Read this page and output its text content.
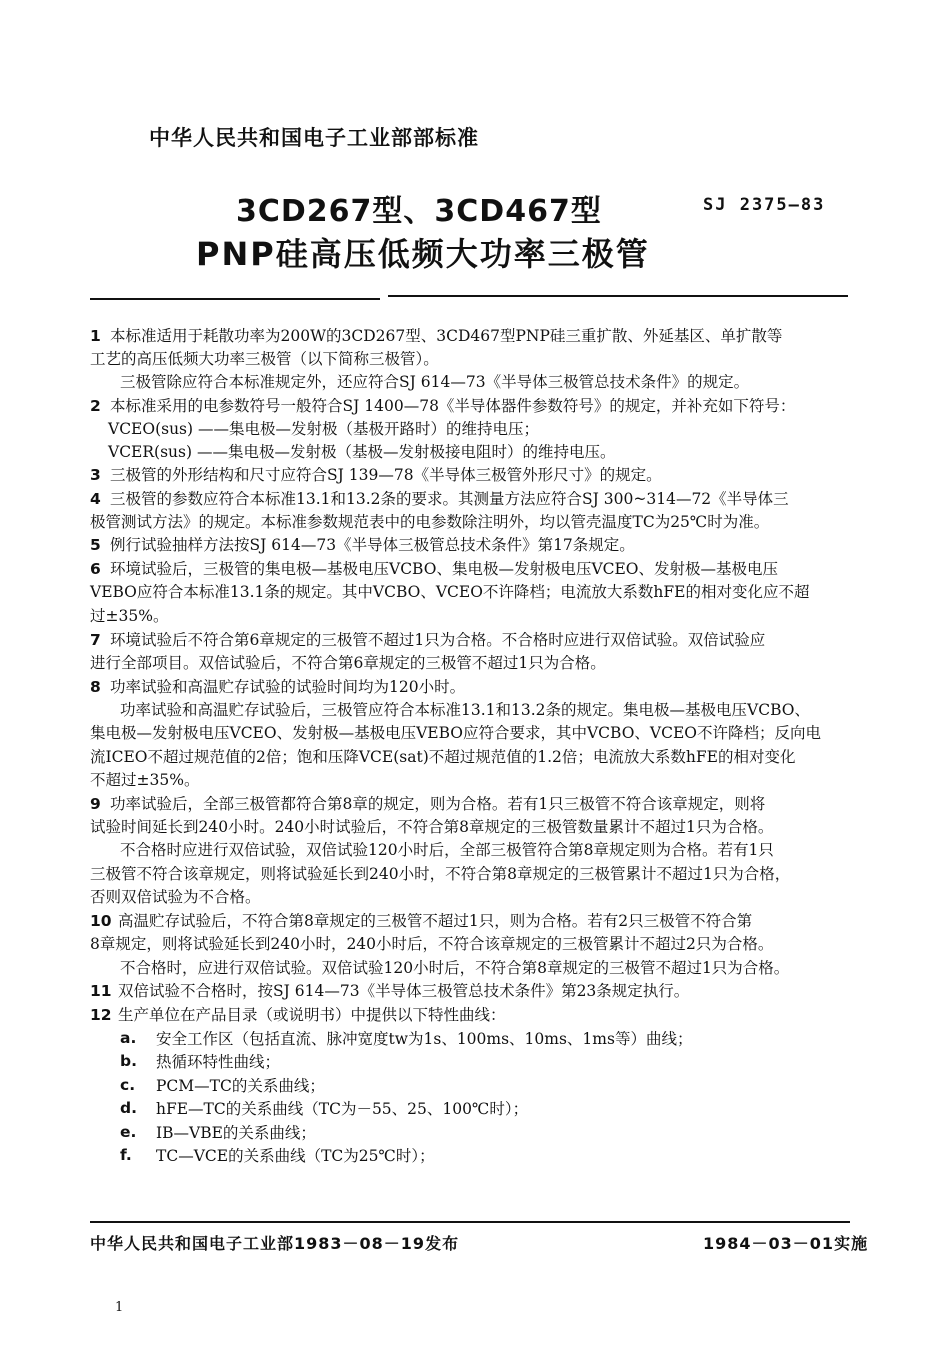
中华人民共和国电子工业部部标准
3CD267型、3CD467型	SJ 2375—83
PNP硅高压低频大功率三极管
1 本标准适用于耗散功率为200W的3CD267型、3CD467型PNP硅三重扩散、外延基区、单扩散等
工艺的高压低频大功率三极管（以下简称三极管）。
三极管除应符合本标准规定外，还应符合SJ 614—73《半导体三极管总技术条件》的规定。
2 本标准采用的电参数符号一般符合SJ 1400—78《半导体器件参数符号》的规定，并补充如下符号：
VCEO(sus) ——集电极—发射极（基极开路时）的维持电压；
VCER(sus) ——集电极—发射极（基极—发射极接电阻时）的维持电压。
3 三极管的外形结构和尺寸应符合SJ 139—78《半导体三极管外形尺寸》的规定。
4 三极管的参数应符合本标准13.1和13.2条的要求。其测量方法应符合SJ 300~314—72《半导体三
极管测试方法》的规定。本标准参数规范表中的电参数除注明外，均以管壳温度TC为25℃时为准。
5 例行试验抽样方法按SJ 614—73《半导体三极管总技术条件》第17条规定。
6 环境试验后，三极管的集电极—基极电压VCBO、集电极—发射极电压VCEO、发射极—基极电压
VEBO应符合本标准13.1条的规定。其中VCBO、VCEO不许降档；电流放大系数hFE的相对变化应不超
过±35%。
7 环境试验后不符合第6章规定的三极管不超过1只为合格。不合格时应进行双倍试验。双倍试验应
进行全部项目。双倍试验后，不符合第6章规定的三极管不超过1只为合格。
8 功率试验和高温贮存试验的试验时间均为120小时。
功率试验和高温贮存试验后，三极管应符合本标准13.1和13.2条的规定。集电极—基极电压VCBO、
集电极—发射极电压VCEO、发射极—基极电压VEBO应符合要求，其中VCBO、VCEO不许降档；反向电
流ICEO不超过规范值的2倍；饱和压降VCE(sat)不超过规范值的1.2倍；电流放大系数hFE的相对变化
不超过±35%。
9 功率试验后，全部三极管都符合第8章的规定，则为合格。若有1只三极管不符合该章规定，则将
试验时间延长到240小时。240小时试验后，不符合第8章规定的三极管数量累计不超过1只为合格。
不合格时应进行双倍试验，双倍试验120小时后，全部三极管符合第8章规定则为合格。若有1只
三极管不符合该章规定，则将试验延长到240小时，不符合第8章规定的三极管累计不超过1只为合格，
否则双倍试验为不合格。
10 高温贮存试验后，不符合第8章规定的三极管不超过1只，则为合格。若有2只三极管不符合第
8章规定，则将试验延长到240小时，240小时后，不符合该章规定的三极管累计不超过2只为合格。
不合格时，应进行双倍试验。双倍试验120小时后，不符合第8章规定的三极管不超过1只为合格。
11 双倍试验不合格时，按SJ 614—73《半导体三极管总技术条件》第23条规定执行。
12 生产单位在产品目录（或说明书）中提供以下特性曲线：
a. 安全工作区（包括直流、脉冲宽度tw为1s、100ms、10ms、1ms等）曲线；
b. 热循环特性曲线；
c. PCM—TC的关系曲线；
d. hFE—TC的关系曲线（TC为－55、25、100℃时）；
e. IB—VBE的关系曲线；
f. TC—VCE的关系曲线（TC为25℃时）；
中华人民共和国电子工业部1983－08－19发布	1984－03－01实施
1
